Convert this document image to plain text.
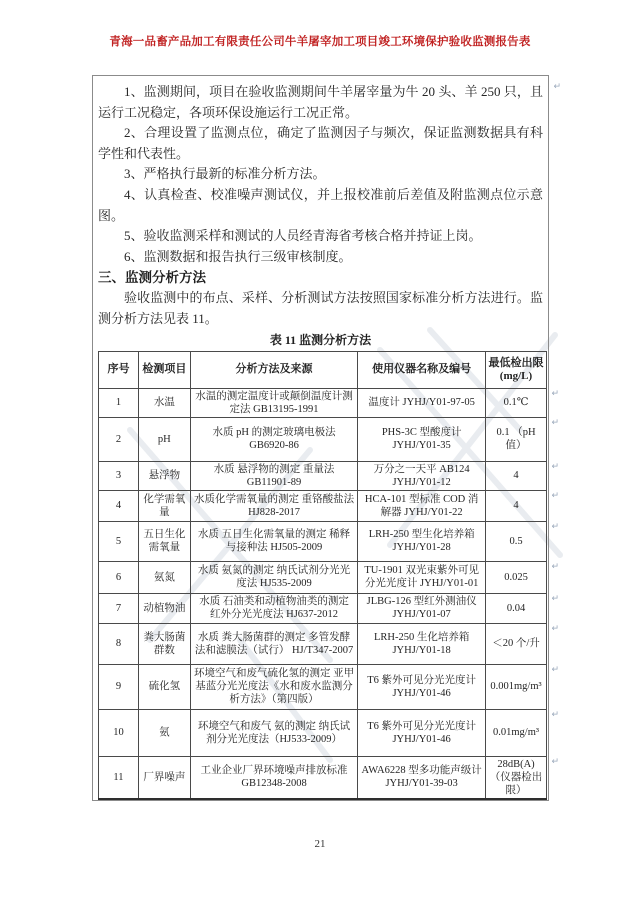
青海一品畜产品加工有限责任公司牛羊屠宰加工项目竣工环境保护验收监测报告表
↵

1、监测期间，项目在验收监测期间牛羊屠宰量为牛 20 头、羊 250 只，且运行工况稳定，各项环保设施运行工况正常。

2、合理设置了监测点位，确定了监测因子与频次，保证监测数据具有科学性和代表性。

3、严格执行最新的标准分析方法。

4、认真检查、校准噪声测试仪，并上报校准前后差值及附监测点位示意图。

5、验收监测采样和测试的人员经青海省考核合格并持证上岗。

6、监测数据和报告执行三级审核制度。

三、监测分析方法

验收监测中的布点、采样、分析测试方法按照国家标准分析方法进行。监测分析方法见表 11。

表 11 监测分析方法
序号	检测项目	分析方法及来源	使用仪器名称及编号	最低检出限(mg/L)
1	水温	水温的测定温度计或颠倒温度计测定法 GB13195-1991	温度计 JYHJ/Y01-97-05	0.1℃
↵

2	pH	水质 pH 的测定玻璃电极法 GB6920-86	PHS-3C 型酸度计 JYHJ/Y01-35	0.1 （pH 值）
↵

3	悬浮物	水质 悬浮物的测定 重量法 GB11901-89	万分之一天平 AB124 JYHJ/Y01-12	4
↵

4	化学需氧量	水质化学需氧量的测定 重铬酸盐法 HJ828-2017	HCA-101 型标准 COD 消解器 JYHJ/Y01-22	4
↵

5	五日生化需氧量	水质 五日生化需氧量的测定 稀释与接种法 HJ505-2009	LRH-250 型生化培养箱 JYHJ/Y01-28	0.5
↵

6	氨氮	水质 氨氮的测定 纳氏试剂分光光度法 HJ535-2009	TU-1901 双光束紫外可见分光光度计 JYHJ/Y01-01	0.025
↵

7	动植物油	水质 石油类和动植物油类的测定 红外分光光度法 HJ637-2012	JLBG-126 型红外测油仪 JYHJ/Y01-07	0.04
↵

8	粪大肠菌群数	水质 粪大肠菌群的测定 多管发酵法和滤膜法（试行） HJ/T347-2007	LRH-250 生化培养箱 JYHJ/Y01-18	＜20 个/升
↵

9	硫化氢	环境空气和废气硫化氢的测定 亚甲基蓝分光光度法《水和废水监测分析方法》（第四版）	T6 紫外可见分光光度计 JYHJ/Y01-46	0.001mg/m³
↵

10	氨	环境空气和废气 氨的测定 纳氏试剂分光光度法（HJ533-2009）	T6 紫外可见分光光度计 JYHJ/Y01-46	0.01mg/m³
↵

11	厂界噪声	工业企业厂界环境噪声排放标准 GB12348-2008	AWA6228 型多功能声级计 JYHJ/Y01-39-03	28dB(A) （仪器检出限）
↵
21
